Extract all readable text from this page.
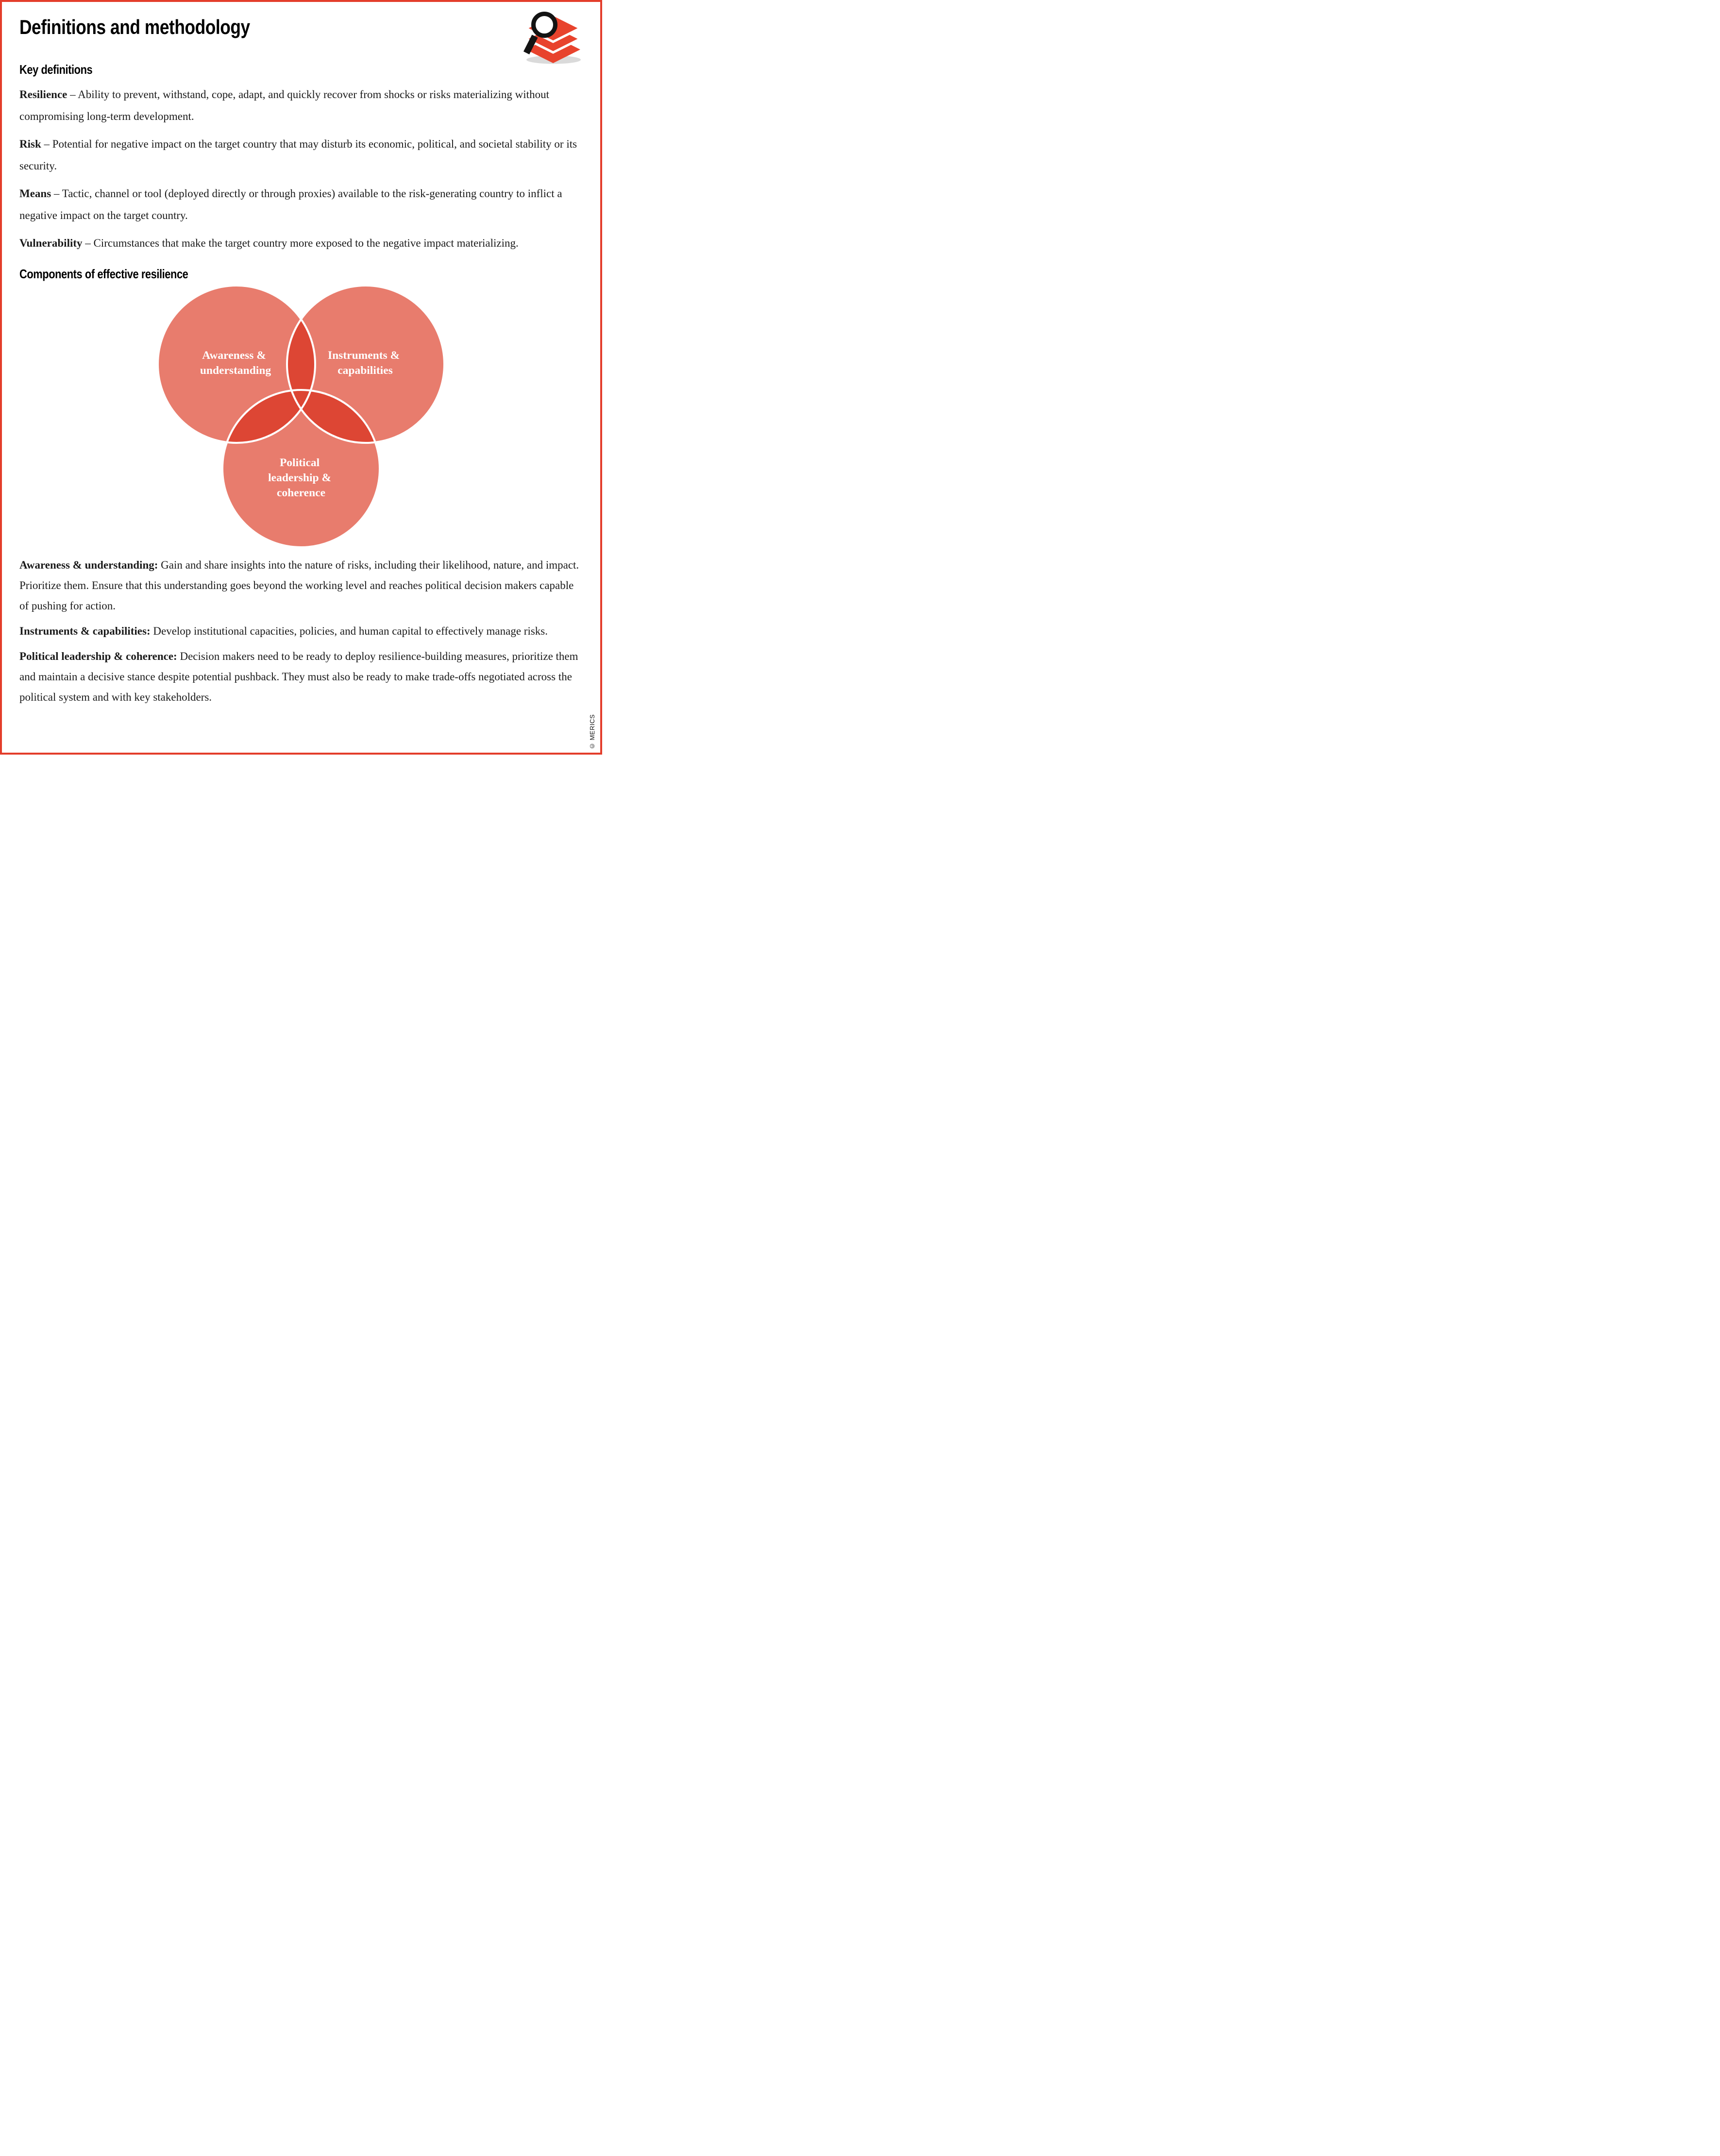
Definitions and methodology
Key definitions

Resilience – Ability to prevent, withstand, cope, adapt, and quickly recover from shocks or risks materializing without compromising long-term development.

Risk – Potential for negative impact on the target country that may disturb its economic, political, and societal stability or its security.

Means – Tactic, channel or tool (deployed directly or through proxies) available to the risk-generating country to inflict a negative impact on the target country.

Vulnerability – Circumstances that make the target country more exposed to the negative impact materializing.

Components of effective resilience
Awareness & understanding
Instruments & capabilities
Political leadership & coherence

Awareness & understanding: Gain and share insights into the nature of risks, including their likelihood, nature, and impact. Prioritize them. Ensure that this understanding goes beyond the working level and reaches political decision makers capable of pushing for action.

Instruments & capabilities: Develop institutional capacities, policies, and human capital to effectively manage risks.

Political leadership & coherence: Decision makers need to be ready to deploy resilience-building measures, prioritize them and maintain a decisive stance despite potential pushback. They must also be ready to make trade-offs negotiated across the political system and with key stakeholders.

© MERICS
